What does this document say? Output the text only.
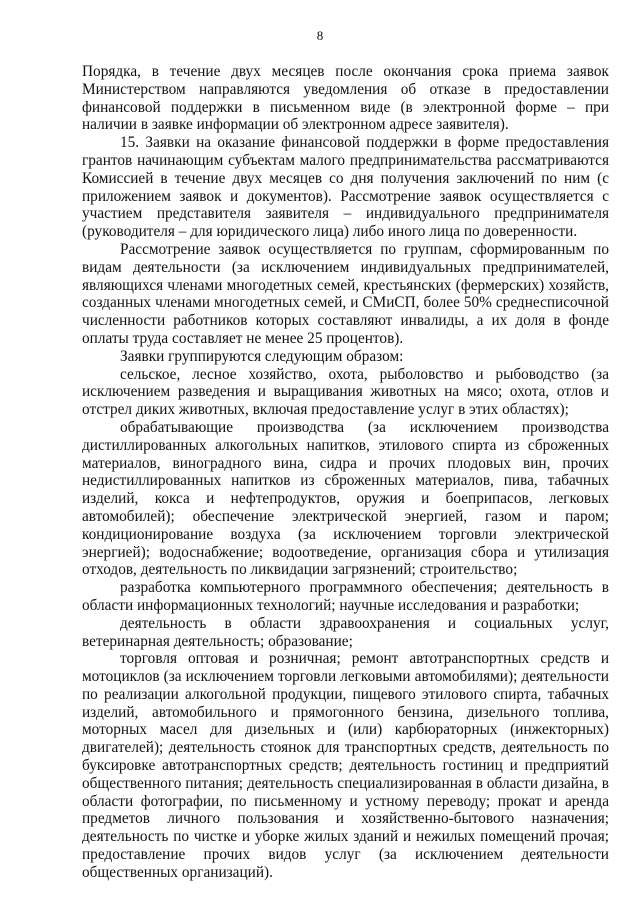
8

Порядка, в течение двух месяцев после окончания срока приема заявок Министерством направляются уведомления об отказе в предоставлении финансовой поддержки в письменном виде (в электронной форме – при наличии в заявке информации об электронном адресе заявителя).

15. Заявки на оказание финансовой поддержки в форме предоставления грантов начинающим субъектам малого предпринимательства рассматриваются Комиссией в течение двух месяцев со дня получения заключений по ним (с приложением заявок и документов). Рассмотрение заявок осуществляется с участием представителя заявителя – индивидуального предпринимателя (руководителя – для юридического лица) либо иного лица по доверенности.

Рассмотрение заявок осуществляется по группам, сформированным по видам деятельности (за исключением индивидуальных предпринимателей, являющихся членами многодетных семей, крестьянских (фермерских) хозяйств, созданных членами многодетных семей, и СМиСП, более 50% среднесписочной численности работников которых составляют инвалиды, а их доля в фонде оплаты труда составляет не менее 25 процентов).

Заявки группируются следующим образом:

сельское, лесное хозяйство, охота, рыболовство и рыбоводство (за исключением разведения и выращивания животных на мясо; охота, отлов и отстрел диких животных, включая предоставление услуг в этих областях);

обрабатывающие производства (за исключением производства дистиллированных алкогольных напитков, этилового спирта из сброженных материалов, виноградного вина, сидра и прочих плодовых вин, прочих недистиллированных напитков из сброженных материалов, пива, табачных изделий, кокса и нефтепродуктов, оружия и боеприпасов, легковых автомобилей); обеспечение электрической энергией, газом и паром; кондиционирование воздуха (за исключением торговли электрической энергией); водоснабжение; водоотведение, организация сбора и утилизация отходов, деятельность по ликвидации загрязнений; строительство;

разработка компьютерного программного обеспечения; деятельность в области информационных технологий; научные исследования и разработки;

деятельность в области здравоохранения и социальных услуг, ветеринарная деятельность; образование;

торговля оптовая и розничная; ремонт автотранспортных средств и мотоциклов (за исключением торговли легковыми автомобилями); деятельности по реализации алкогольной продукции, пищевого этилового спирта, табачных изделий, автомобильного и прямогонного бензина, дизельного топлива, моторных масел для дизельных и (или) карбюраторных (инжекторных) двигателей); деятельность стоянок для транспортных средств, деятельность по буксировке автотранспортных средств; деятельность гостиниц и предприятий общественного питания; деятельность специализированная в области дизайна, в области фотографии, по письменному и устному переводу; прокат и аренда предметов личного пользования и хозяйственно-бытового назначения; деятельность по чистке и уборке жилых зданий и нежилых помещений прочая; предоставление прочих видов услуг (за исключением деятельности общественных организаций).
